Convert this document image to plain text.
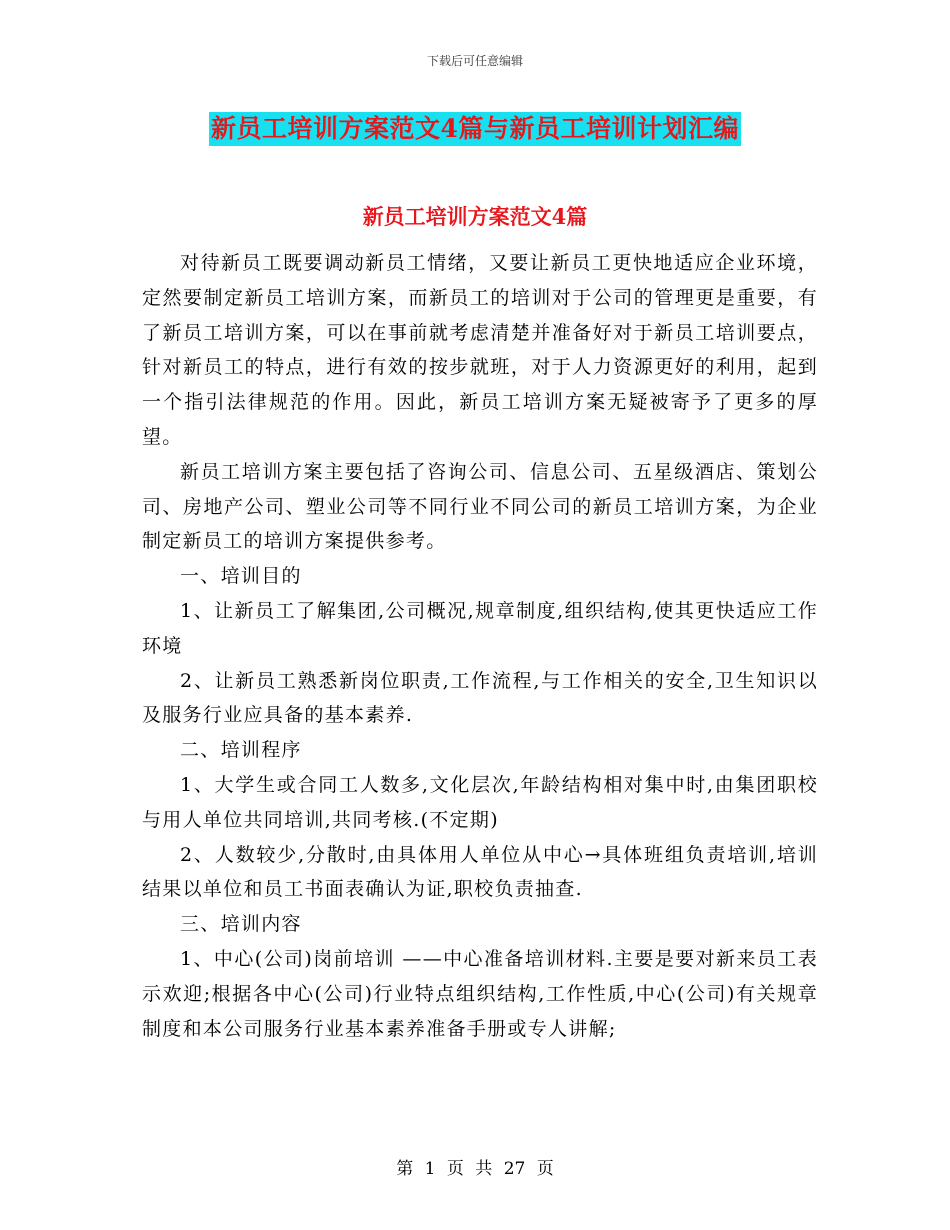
下载后可任意编辑
新员工培训方案范文4篇与新员工培训计划汇编
新员工培训方案范文4篇

对待新员工既要调动新员工情绪，又要让新员工更快地适应企业环境，定然要制定新员工培训方案，而新员工的培训对于公司的管理更是重要，有了新员工培训方案，可以在事前就考虑清楚并准备好对于新员工培训要点，针对新员工的特点，进行有效的按步就班，对于人力资源更好的利用，起到一个指引法律规范的作用。因此，新员工培训方案无疑被寄予了更多的厚望。

新员工培训方案主要包括了咨询公司、信息公司、五星级酒店、策划公司、房地产公司、塑业公司等不同行业不同公司的新员工培训方案，为企业制定新员工的培训方案提供参考。

一、培训目的

1、让新员工了解集团,公司概况,规章制度,组织结构,使其更快适应工作环境

2、让新员工熟悉新岗位职责,工作流程,与工作相关的安全,卫生知识以及服务行业应具备的基本素养.

二、培训程序

1、大学生或合同工人数多,文化层次,年龄结构相对集中时,由集团职校与用人单位共同培训,共同考核.(不定期)

2、人数较少,分散时,由具体用人单位从中心→具体班组负责培训,培训结果以单位和员工书面表确认为证,职校负责抽查.

三、培训内容

1、中心(公司)岗前培训 ——中心准备培训材料.主要是要对新来员工表示欢迎;根据各中心(公司)行业特点组织结构,工作性质,中心(公司)有关规章制度和本公司服务行业基本素养准备手册或专人讲解;

第 1 页 共 27 页
